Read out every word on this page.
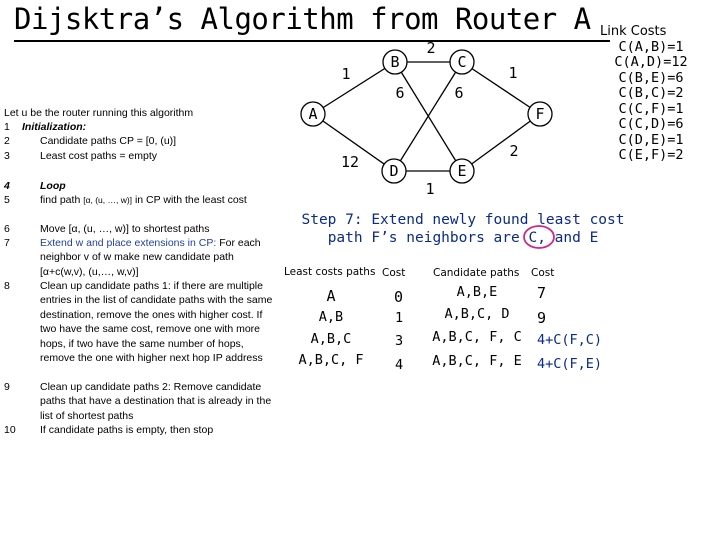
Dijsktra’s Algorithm from Router A Link Costs
C(A,B)=1
C(A,D)=12
C(B,E)=6
C(B,C)=2
C(C,F)=1
C(C,D)=6
C(D,E)=1
C(E,F)=2
Let u be the router running this algorithm
1 Initialization:
2	Candidate paths CP = [0, (u)]
3	Least cost paths = empty
4	Loop
5	find path [α, (u, …, w)] in CP with the least cost
6	Move [α, (u, …, w)] to shortest paths
7	Extend w and place extensions in CP: For each neighbor v of w make new candidate path [α+c(w,v), (u,…, w,v)]
8	Clean up candidate paths 1: if there are multiple entries in the list of candidate paths with the same destination, remove the ones with higher cost. If two have the same cost, remove one with more hops, if two have the same number of hops, remove the one with higher next hop IP address
9	Clean up candidate paths 2: Remove candidate paths that have a destination that is already in the list of shortest paths
10 If candidate paths is empty, then stop
B	C
A	F
D	E
1
12
2
6	6
1
1
2
Step 7: Extend newly found least cost path F’s neighbors are C, and E
Least costs paths Cost
A	0
A,B	1
A,B,C	3
A,B,C, F 4
Candidate paths Cost
A,B,E	7
A,B,C, D	9
A,B,C, F, C 4+C(F,C)
A,B,C, F, E 4+C(F,E)
